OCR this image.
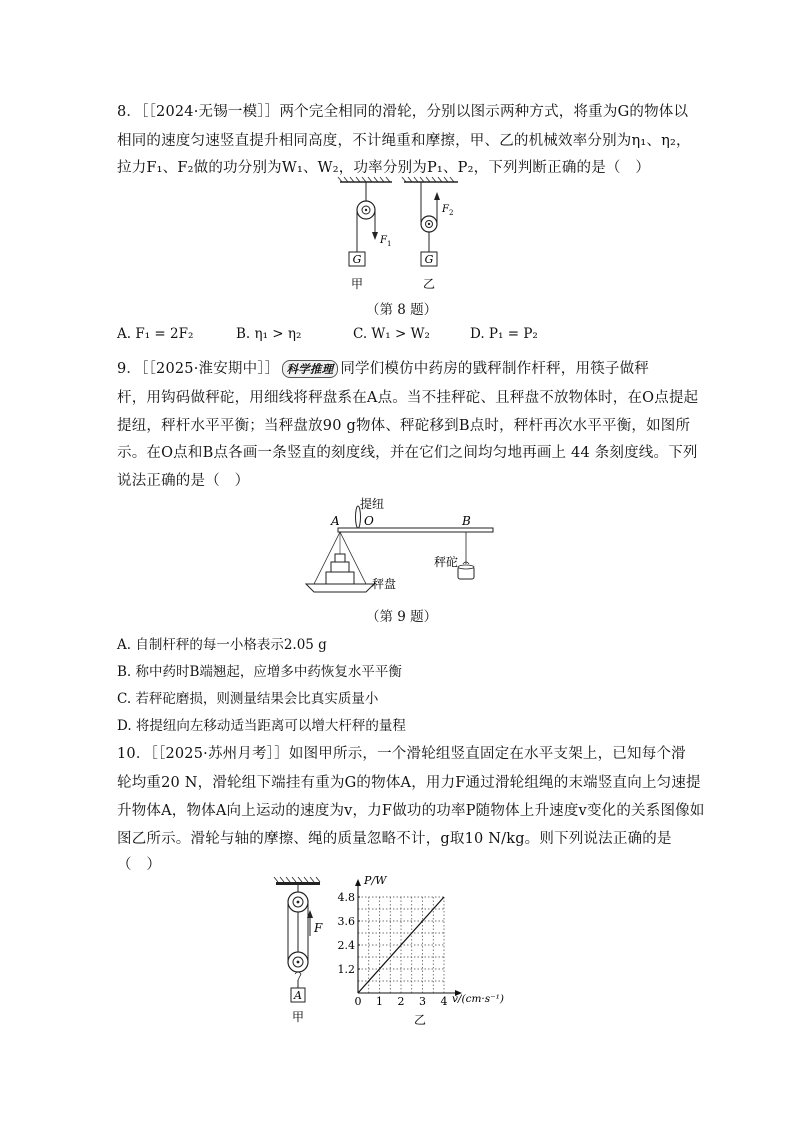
8．［［2024·无锡一模］］两个完全相同的滑轮，分别以图示两种方式，将重为G的物体以
相同的速度匀速竖直提升相同高度，不计绳重和摩擦，甲、乙的机械效率分别为η₁、η₂，
拉力F₁、F₂做的功分别为W₁、W₂，功率分别为P₁、P₂，下列判断正确的是（　）
G
F 1
G
F 2
甲	乙
（第 8 题）
A. F₁ = 2F₂	B. η₁ > η₂	C. W₁ > W₂	D. P₁ = P₂
9．［［2025·淮安期中］］ 科学推理 同学们模仿中药房的戥秤制作杆秤，用筷子做秤
杆，用钩码做秤砣，用细线将秤盘系在A点。当不挂秤砣、且秤盘不放物体时，在O点提起
提纽，秤杆水平平衡；当秤盘放90 g物体、秤砣移到B点时，秤杆再次水平平衡，如图所
示。在O点和B点各画一条竖直的刻度线，并在它们之间均匀地再画上 44 条刻度线。下列
说法正确的是（　）
提纽
A O	B
秤盘
秤砣
（第 9 题）
A. 自制杆秤的每一小格表示2.05 g
B. 称中药时B端翘起，应增多中药恢复水平平衡
C. 若秤砣磨损，则测量结果会比真实质量小
D. 将提纽向左移动适当距离可以增大杆秤的量程
10．［［2025·苏州月考］］如图甲所示，一个滑轮组竖直固定在水平支架上，已知每个滑
轮均重20 N，滑轮组下端挂有重为G的物体A，用力F通过滑轮组绳的末端竖直向上匀速提
升物体A，物体A向上运动的速度为v，力F做功的功率P随物体上升速度v变化的关系图像如
图乙所示。滑轮与轴的摩擦、绳的质量忽略不计，g取10 N/kg。则下列说法正确的是
（　）
F
A
甲
0 1 2 3 4
1.2
2.4
3.6
4.8
P/W
v/(cm·s⁻¹)
乙
